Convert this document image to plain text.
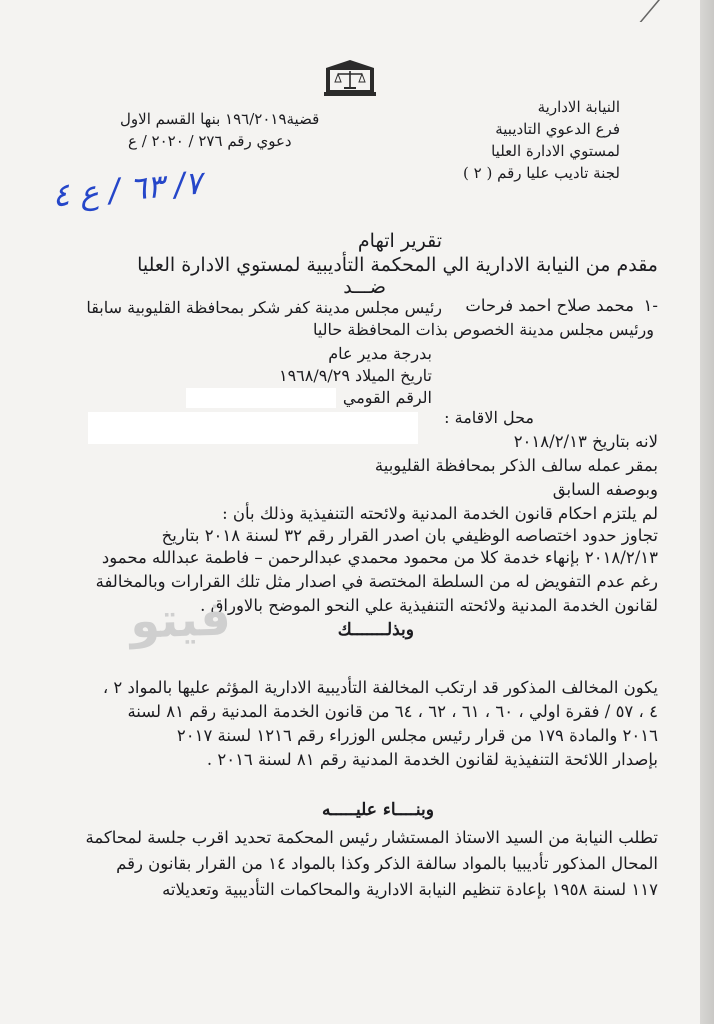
النيابة الادارية
فرع الدعوي التاديبية
لمستوي الادارة العليا
لجنة تاديب عليا رقم ( ٢ )
قضية١٩٦/٢٠١٩ بنها القسم الاول
دعوي رقم ٢٧٦ / ٢٠٢٠ / ع
٧/ ٦٣ / ع ٤
تقرير اتهام
مقدم من النيابة الادارية الي المحكمة التأديبية لمستوي الادارة العليا
ضـــد
١-
محمد صلاح احمد فرحات
رئيس مجلس مدينة كفر شكر بمحافظة القليوبية سابقا
ورئيس مجلس مدينة الخصوص بذات المحافظة حاليا
بدرجة مدير عام
تاريخ الميلاد ١٩٦٨/٩/٢٩
الرقم القومي
محل الاقامة :
لانه بتاريخ ٢٠١٨/٢/١٣
بمقر عمله سالف الذكر بمحافظة القليوبية
وبوصفه السابق
لم يلتزم احكام قانون الخدمة المدنية ولائحته التنفيذية وذلك بأن :
تجاوز حدود اختصاصه الوظيفي بان اصدر القرار رقم ٣٢ لسنة ٢٠١٨ بتاريخ
٢٠١٨/٢/١٣ بإنهاء خدمة كلا من محمود محمدي عبدالرحمن – فاطمة عبدالله محمود
رغم عدم التفويض له من السلطة المختصة في اصدار مثل تلك القرارات وبالمخالفة
لقانون الخدمة المدنية ولائحته التنفيذية علي النحو الموضح بالاوراق .
فيتو	وبذلـــــــك
يكون المخالف المذكور قد ارتكب المخالفة التأديبية الادارية المؤثم عليها بالمواد ٢ ،
٤ ، ٥٧ / فقرة اولي ، ٦٠ ، ٦١ ، ٦٢ ، ٦٤ من قانون الخدمة المدنية رقم ٨١ لسنة
٢٠١٦ والمادة ١٧٩ من قرار رئيس مجلس الوزراء رقم ١٢١٦ لسنة ٢٠١٧
بإصدار اللائحة التنفيذية لقانون الخدمة المدنية رقم ٨١ لسنة ٢٠١٦ .
وبنــــاء عليـــــه
تطلب النيابة من السيد الاستاذ المستشار رئيس المحكمة تحديد اقرب جلسة لمحاكمة
المحال المذكور تأديبيا بالمواد سالفة الذكر وكذا بالمواد ١٤ من القرار بقانون رقم
١١٧ لسنة ١٩٥٨ بإعادة تنظيم النيابة الادارية والمحاكمات التأديبية وتعديلاته
